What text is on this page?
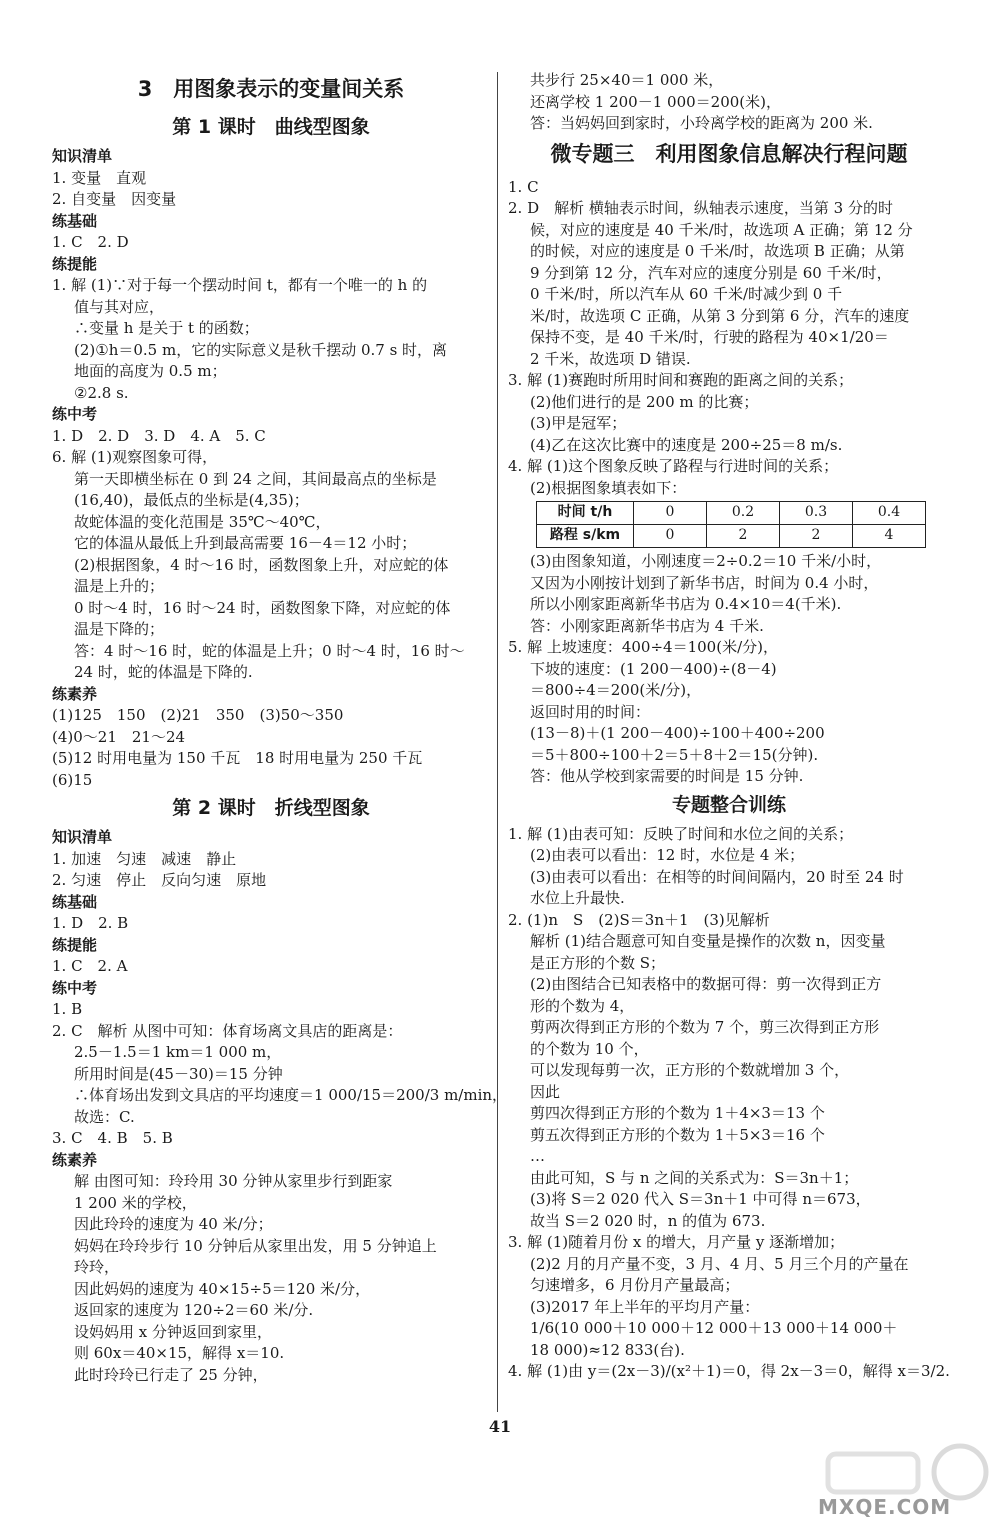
3　用图象表示的变量间关系
第 1 课时　曲线型图象
知识清单
1. 变量　直观
2. 自变量　因变量
练基础
1. C　2. D
练提能
1. 解 (1)∵对于每一个摆动时间 t，都有一个唯一的 h 的
值与其对应，
∴变量 h 是关于 t 的函数；
(2)①h＝0.5 m，它的实际意义是秋千摆动 0.7 s 时，离
地面的高度为 0.5 m；
②2.8 s.
练中考
1. D　2. D　3. D　4. A　5. C
6. 解 (1)观察图象可得，
第一天即横坐标在 0 到 24 之间，其间最高点的坐标是
(16,40)，最低点的坐标是(4,35)；
故蛇体温的变化范围是 35℃～40℃，
它的体温从最低上升到最高需要 16－4＝12 小时；
(2)根据图象，4 时～16 时，函数图象上升，对应蛇的体
温是上升的；
0 时～4 时，16 时～24 时，函数图象下降，对应蛇的体
温是下降的；
答：4 时～16 时，蛇的体温是上升；0 时～4 时，16 时～
24 时，蛇的体温是下降的.
练素养
(1)125　150　(2)21　350　(3)50～350
(4)0～21　21～24
(5)12 时用电量为 150 千瓦　18 时用电量为 250 千瓦
(6)15
第 2 课时　折线型图象
知识清单
1. 加速　匀速　减速　静止
2. 匀速　停止　反向匀速　原地
练基础
1. D　2. B
练提能
1. C　2. A
练中考
1. B
2. C　解析 从图中可知：体育场离文具店的距离是：
2.5－1.5＝1 km＝1 000 m，
所用时间是(45－30)＝15 分钟
∴体育场出发到文具店的平均速度＝1 000/15＝200/3 m/min，
故选：C.
3. C　4. B　5. B
练素养
解 由图可知：玲玲用 30 分钟从家里步行到距家
1 200 米的学校，
因此玲玲的速度为 40 米/分；
妈妈在玲玲步行 10 分钟后从家里出发，用 5 分钟追上
玲玲，
因此妈妈的速度为 40×15÷5＝120 米/分，
返回家的速度为 120÷2＝60 米/分.
设妈妈用 x 分钟返回到家里，
则 60x＝40×15，解得 x＝10.
此时玲玲已行走了 25 分钟，
共步行 25×40＝1 000 米，
还离学校 1 200－1 000＝200(米)，
答：当妈妈回到家时，小玲离学校的距离为 200 米.
微专题三　利用图象信息解决行程问题
1. C
2. D　解析 横轴表示时间，纵轴表示速度，当第 3 分的时
候，对应的速度是 40 千米/时，故选项 A 正确；第 12 分
的时候，对应的速度是 0 千米/时，故选项 B 正确；从第
9 分到第 12 分，汽车对应的速度分别是 60 千米/时，
0 千米/时，所以汽车从 60 千米/时减少到 0 千
米/时，故选项 C 正确，从第 3 分到第 6 分，汽车的速度
保持不变，是 40 千米/时，行驶的路程为 40×1/20＝
2 千米，故选项 D 错误.
3. 解 (1)赛跑时所用时间和赛跑的距离之间的关系；
(2)他们进行的是 200 m 的比赛；
(3)甲是冠军；
(4)乙在这次比赛中的速度是 200÷25＝8 m/s.
4. 解 (1)这个图象反映了路程与行进时间的关系；
(2)根据图象填表如下：
时间 t/h	0	0.2	0.3	0.4
路程 s/km	0	2	2	4
(3)由图象知道，小刚速度＝2÷0.2＝10 千米/小时，
又因为小刚按计划到了新华书店，时间为 0.4 小时，
所以小刚家距离新华书店为 0.4×10＝4(千米).
答：小刚家距离新华书店为 4 千米.
5. 解 上坡速度：400÷4＝100(米/分)，
下坡的速度：(1 200－400)÷(8－4)
＝800÷4＝200(米/分)，
返回时用的时间：
(13－8)＋(1 200－400)÷100＋400÷200
＝5＋800÷100＋2＝5＋8＋2＝15(分钟).
答：他从学校到家需要的时间是 15 分钟.
专题整合训练
1. 解 (1)由表可知：反映了时间和水位之间的关系；
(2)由表可以看出：12 时，水位是 4 米；
(3)由表可以看出：在相等的时间间隔内，20 时至 24 时
水位上升最快.
2. (1)n　S　(2)S＝3n＋1　(3)见解析
解析 (1)结合题意可知自变量是操作的次数 n，因变量
是正方形的个数 S；
(2)由图结合已知表格中的数据可得：剪一次得到正方
形的个数为 4，
剪两次得到正方形的个数为 7 个，剪三次得到正方形
的个数为 10 个，
可以发现每剪一次，正方形的个数就增加 3 个，
因此
剪四次得到正方形的个数为 1＋4×3＝13 个
剪五次得到正方形的个数为 1＋5×3＝16 个
…
由此可知，S 与 n 之间的关系式为：S＝3n＋1；
(3)将 S＝2 020 代入 S＝3n＋1 中可得 n＝673，
故当 S＝2 020 时，n 的值为 673.
3. 解 (1)随着月份 x 的增大，月产量 y 逐渐增加；
(2)2 月的月产量不变，3 月、4 月、5 月三个月的产量在
匀速增多，6 月份月产量最高；
(3)2017 年上半年的平均月产量：
1/6(10 000＋10 000＋12 000＋13 000＋14 000＋
18 000)≈12 833(台).
4. 解 (1)由 y＝(2x－3)/(x²＋1)＝0，得 2x－3＝0，解得 x＝3/2.
41
MXQE.COM
